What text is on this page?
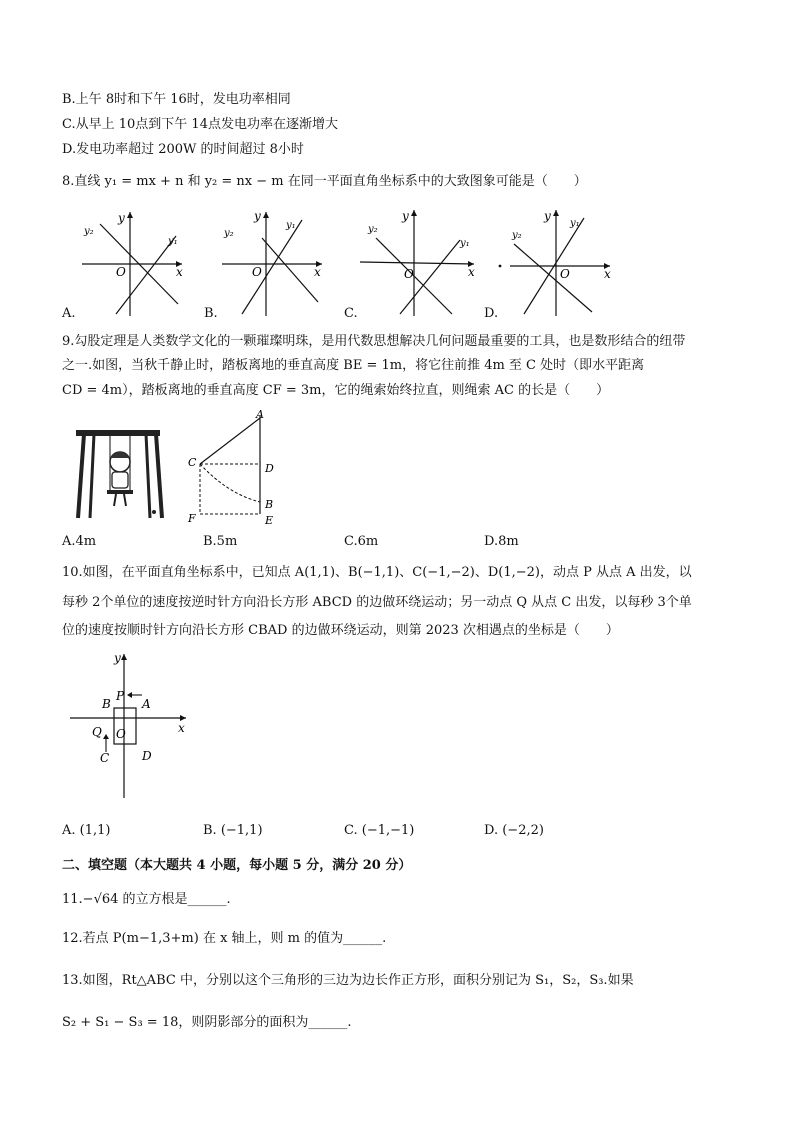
B.上午 8时和下午 16时，发电功率相同
C.从早上 10点到下午 14点发电功率在逐渐增大
D.发电功率超过 200W 的时间超过 8小时
8.直线 y₁ = mx + n 和 y₂ = nx − m 在同一平面直角坐标系中的大致图象可能是（　　）
y
x
O
y₂
y₁
A.
y
x
O
y₂
y₁
B.
y
x
O
y₂
y₁
C.
y
x
O
y₂
y₁
D.
9.勾股定理是人类数学文化的一颗璀璨明珠，是用代数思想解决几何问题最重要的工具，也是数形结合的纽带
之一.如图，当秋千静止时，踏板离地的垂直高度 BE = 1m，将它往前推 4m 至 C 处时（即水平距离
CD = 4m），踏板离地的垂直高度 CF = 3m，它的绳索始终拉直，则绳索 AC 的长是（　　）
A
C	D
B
E
F
A.4m	B.5m	C.6m	D.8m
10.如图，在平面直角坐标系中，已知点 A(1,1)、B(−1,1)、C(−1,−2)、D(1,−2)，动点 P 从点 A 出发，以
每秒 2个单位的速度按逆时针方向沿长方形 ABCD 的边做环绕运动；另一动点 Q 从点 C 出发，以每秒 3个单
位的速度按顺时针方向沿长方形 CBAD 的边做环绕运动，则第 2023 次相遇点的坐标是（　　）
y
x
O
B
P
A
Q
C	D
A. (1,1)	B. (−1,1)	C. (−1,−1)	D. (−2,2)
二、填空题（本大题共 4 小题，每小题 5 分，满分 20 分）
11.−√64 的立方根是______.
12.若点 P(m−1,3+m) 在 x 轴上，则 m 的值为______.
13.如图，Rt△ABC 中，分别以这个三角形的三边为边长作正方形，面积分别记为 S₁，S₂，S₃.如果
S₂ + S₁ − S₃ = 18，则阴影部分的面积为______.
